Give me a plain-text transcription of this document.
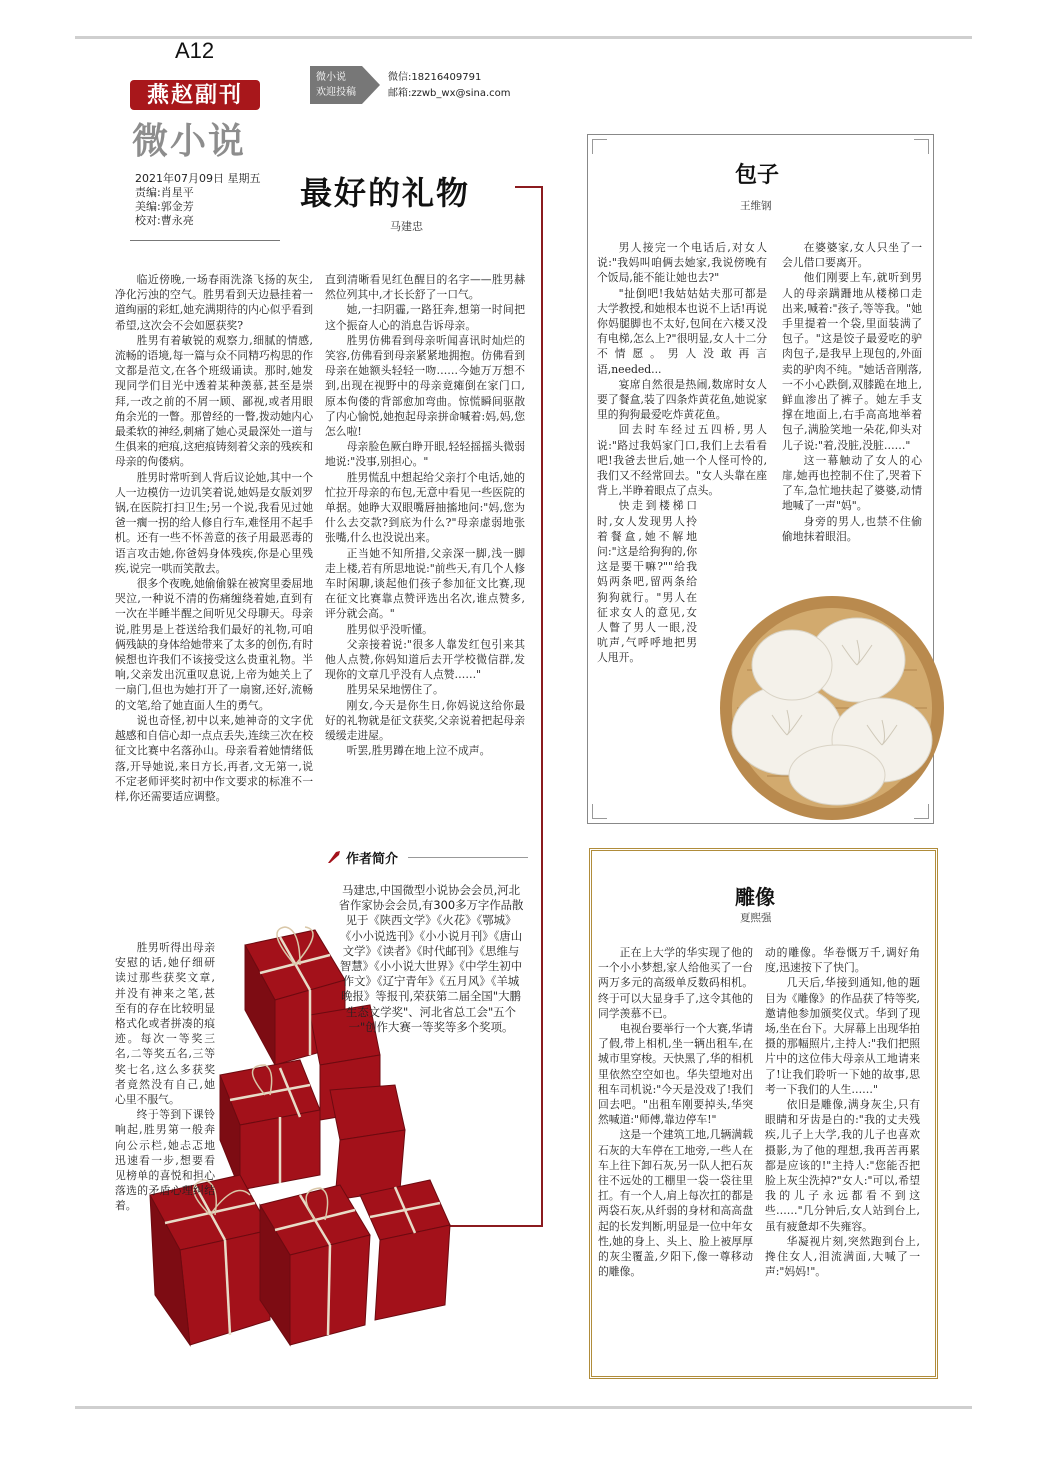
A12
燕赵副刊
微小说
2021年07月09日 星期五
责编:肖星平
美编:郭金芳
校对:曹永亮
微小说
欢迎投稿
微信:18216409791
邮箱:zzwb_wx@sina.com
最好的礼物
马建忠

临近傍晚,一场春雨洗涤飞扬的灰尘,净化污浊的空气。胜男看到天边悬挂着一道绚丽的彩虹,她充满期待的内心似乎看到希望,这次会不会如愿获奖?

胜男有着敏锐的观察力,细腻的情感,流畅的语境,每一篇与众不同精巧构思的作文都是范文,在各个班级诵读。那时,她发现同学们目光中透着某种羡慕,甚至是崇拜,一改之前的不屑一顾、鄙视,或者用眼角余光的一瞥。那曾经的一瞥,拨动她内心最柔软的神经,刺痛了她心灵最深处一道与生俱来的疤痕,这疤痕铸刻着父亲的残疾和母亲的佝偻病。

胜男时常听到人背后议论她,其中一个人一边模仿一边讥笑着说,她妈是女版刘罗锅,在医院打扫卫生;另一个说,我看见过她爸一瘸一拐的给人修自行车,难怪用不起手机。还有一些不怀善意的孩子用最恶毒的语言攻击她,你爸妈身体残疾,你是心里残疾,说完一哄而笑散去。

很多个夜晚,她偷偷躲在被窝里委屈地哭泣,一种说不清的伤痛缠绕着她,直到有一次在半睡半醒之间听见父母聊天。母亲说,胜男是上苍送给我们最好的礼物,可咱俩残缺的身体给她带来了太多的创伤,有时候想也许我们不该接受这么贵重礼物。半响,父亲发出沉重叹息说,上帝为她关上了一扇门,但也为她打开了一扇窗,还好,流畅的文笔,给了她直面人生的勇气。

说也奇怪,初中以来,她神奇的文字优越感和自信心却一点点丢失,连续三次在校征文比赛中名落孙山。母亲看着她情绪低落,开导她说,来日方长,再者,文无第一,说不定老师评奖时初中作文要求的标准不一样,你还需要适应调整。

胜男听得出母亲安慰的话,她仔细研读过那些获奖文章,并没有神来之笔,甚至有的存在比较明显格式化或者拼凑的痕迹。每次一等奖三名,二等奖五名,三等奖七名,这么多获奖者竟然没有自己,她心里不服气。

终于等到下课铃响起,胜男第一般奔向公示栏,她忐忑地迅速看一步,想要看见榜单的喜悦和担心落选的矛盾心理纠结着。

直到清晰看见红色醒目的名字——胜男赫然位列其中,才长长舒了一口气。

她,一扫阴霾,一路狂奔,想第一时间把这个振奋人心的消息告诉母亲。

胜男仿佛看到母亲听闻喜讯时灿烂的笑容,仿佛看到母亲紧紧地拥抱。仿佛看到母亲在她额头轻轻一吻……今她万万想不到,出现在视野中的母亲竟瘫倒在家门口,原本佝偻的背部愈加弯曲。惊慌瞬间驱散了内心愉悦,她抱起母亲拼命喊着:妈,妈,您怎么啦!

母亲脸色厥白睁开眼,轻轻摇摇头微弱地说:"没事,别担心。"

胜男慌乱中想起给父亲打个电话,她的忙拉开母亲的布包,无意中看见一些医院的单据。她睁大双眼嘴唇抽搐地问:"妈,您为什么去交款?到底为什么?"母亲虚弱地张张嘴,什么也没说出来。

正当她不知所措,父亲深一脚,浅一脚走上楼,若有所思地说:"前些天,有几个人修车时闲聊,谈起他们孩子参加征文比赛,现在征文比赛靠点赞评选出名次,谁点赞多,评分就会高。"

胜男似乎没听懂。

父亲接着说:"很多人靠发红包引来其他人点赞,你妈知道后去开学校微信群,发现你的文章几乎没有人点赞……"

胜男呆呆地愣住了。

刚女,今天是你生日,你妈说这给你最好的礼物就是征文获奖,父亲说着把起母亲缓缓走进屋。

听罢,胜男蹲在地上泣不成声。

作者简介
马建忠,中国微型小说协会会员,河北省作家协会会员,有300多万字作品散见于《陕西文学》《火花》《鄂城》《小小说选刊》《小小说月刊》《唐山文学》《读者》《时代邮刊》《思维与智慧》《小小说大世界》《中学生初中作文》《辽宁青年》《五月风》《羊城晚报》等报刊,荣获第二届全国"大鹏生态文学奖"、河北省总工会"五个一"创作大赛一等奖等多个奖项。
包子
王维钢

男人接完一个电话后,对女人说:"我妈叫咱俩去她家,我说傍晚有个饭局,能不能让她也去?"

"扯倒吧!我姑姑姑夫那可都是大学教授,和她根本也说不上话!再说你妈腿脚也不太好,包间在六楼又没有电梯,怎么上?"很明显,女人十二分不情愿。男人没敢再言语,needed...

宴席自然很是热闹,数席时女人要了餐盒,装了四条炸黄花鱼,她说家里的狗狗最爱吃炸黄花鱼。

回去时车经过五四桥,男人说:"路过我妈家门口,我们上去看看吧!我爸去世后,她一个人怪可怜的,我们又不经常回去。"女人头靠在座背上,半睁着眼点了点头。

快走到楼梯口时,女人发现男人拎着餐盒,她不解地问:"这是给狗狗的,你这是要干嘛?""给我妈两条吧,留两条给狗狗就行。"男人在征求女人的意见,女人瞥了男人一眼,没吭声,气呼呼地把男人甩开。

在婆婆家,女人只坐了一会儿借口要离开。

他们刚要上车,就听到男人的母亲蹒跚地从楼梯口走出来,喊着:"孩子,等等我。"她手里提着一个袋,里面装满了包子。"这是饺子最爱吃的驴肉包子,是我早上现包的,外面卖的驴肉不纯。"她话音刚落,一不小心跌倒,双膝跪在地上,鲜血渗出了裤子。她左手支撑在地面上,右手高高地举着包子,满脸笑地一朵花,仰头对儿子说:"着,没脏,没脏……"

这一幕触动了女人的心扉,她再也控制不住了,哭着下了车,急忙地扶起了婆婆,动情地喊了一声"妈"。

身旁的男人,也禁不住偷偷地抹着眼泪。

雕像
夏熙强

正在上大学的华实现了他的一个小小梦想,家人给他买了一台两万多元的高级单反数码相机。终于可以大显身手了,这令其他的同学羡慕不已。

电视台要举行一个大赛,华请了假,带上相机,坐一辆出租车,在城市里穿梭。天快黑了,华的相机里依然空空如也。华失望地对出租车司机说:"今天是没戏了!我们回去吧。"出租车刚要掉头,华突然喊道:"师傅,靠边停车!"

这是一个建筑工地,几辆满载石灰的大车停在工地旁,一些人在车上往下卸石灰,另一队人把石灰往不远处的工棚里一袋一袋往里扛。有一个人,肩上每次扛的都是两袋石灰,从纤弱的身材和高高盘起的长发判断,明显是一位中年女性,她的身上、头上、脸上被厚厚的灰尘覆盖,夕阳下,像一尊移动的雕像。

动的雕像。华卷慨万千,调好角度,迅速按下了快门。

几天后,华接到通知,他的题目为《雕像》的作品获了特等奖,邀请他参加颁奖仪式。华到了现场,坐在台下。大屏幕上出现华拍摄的那幅照片,主持人:"我们把照片中的这位伟大母亲从工地请来了!让我们聆听一下她的故事,思考一下我们的人生……"

依旧是雕像,满身灰尘,只有眼睛和牙齿是白的:"我的丈夫残疾,儿子上大学,我的儿子也喜欢摄影,为了他的理想,我再苦再累都是应该的!"主持人:"您能否把脸上灰尘洗掉?"女人:"可以,希望我的儿子永远都看不到这些……"几分钟后,女人站到台上,虽有疲惫却不失雍容。

华凝视片刻,突然跑到台上,搀住女人,泪流满面,大喊了一声:"妈妈!"。
